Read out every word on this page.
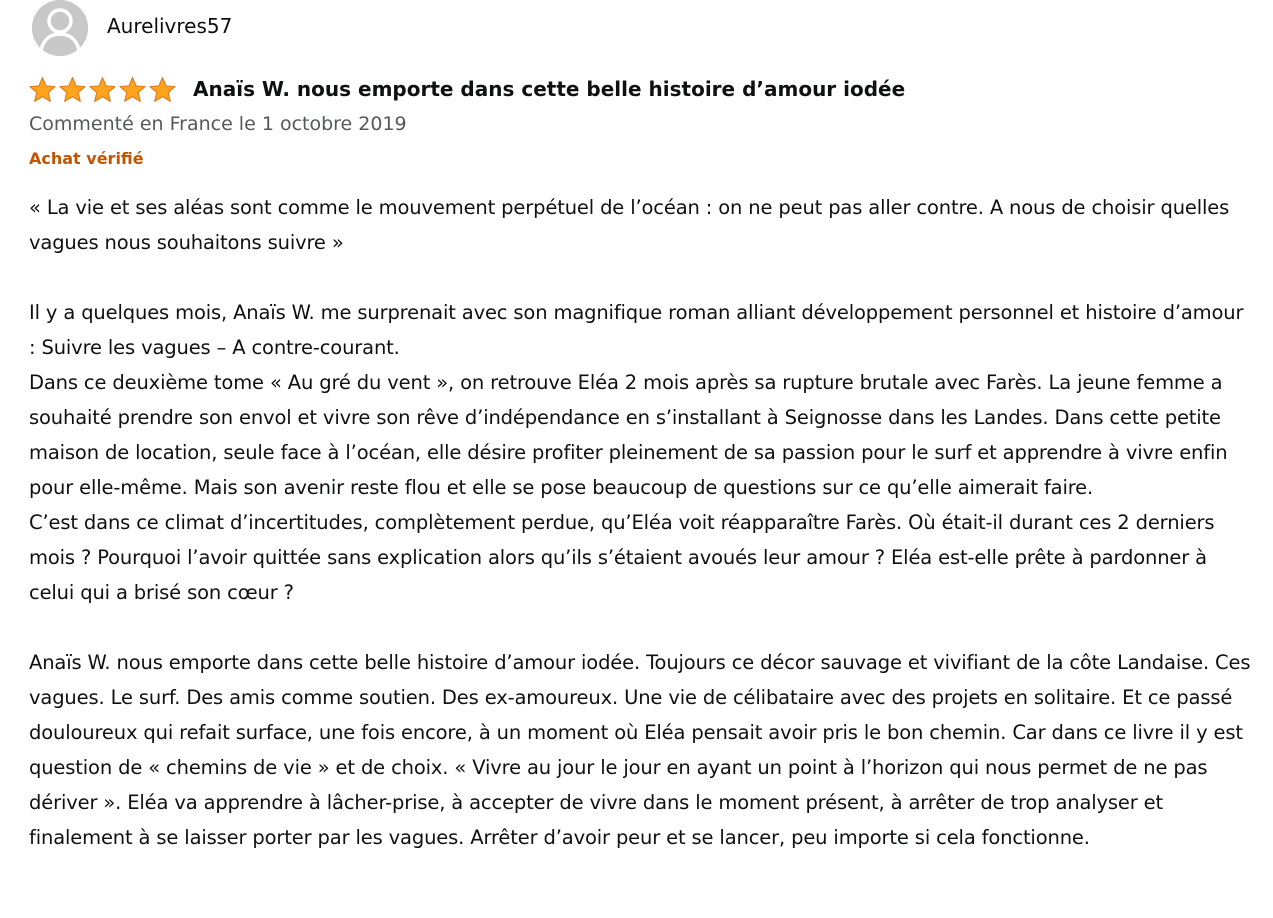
Aurelivres57
Anaïs W. nous emporte dans cette belle histoire d’amour iodée
Commenté en France le 1 octobre 2019
Achat vérifié

« La vie et ses aléas sont comme le mouvement perpétuel de l’océan : on ne peut pas aller contre. A nous de choisir quelles vagues nous souhaitons suivre »

Il y a quelques mois, Anaïs W. me surprenait avec son magnifique roman alliant développement personnel et histoire d’amour : Suivre les vagues – A contre-courant.

Dans ce deuxième tome « Au gré du vent », on retrouve Eléa 2 mois après sa rupture brutale avec Farès. La jeune femme a souhaité prendre son envol et vivre son rêve d’indépendance en s’installant à Seignosse dans les Landes. Dans cette petite maison de location, seule face à l’océan, elle désire profiter pleinement de sa passion pour le surf et apprendre à vivre enfin pour elle-même. Mais son avenir reste flou et elle se pose beaucoup de questions sur ce qu’elle aimerait faire.

C’est dans ce climat d’incertitudes, complètement perdue, qu’Eléa voit réapparaître Farès. Où était-il durant ces 2 derniers mois ? Pourquoi l’avoir quittée sans explication alors qu’ils s’étaient avoués leur amour ? Eléa est-elle prête à pardonner à celui qui a brisé son cœur ?

Anaïs W. nous emporte dans cette belle histoire d’amour iodée. Toujours ce décor sauvage et vivifiant de la côte Landaise. Ces vagues. Le surf. Des amis comme soutien. Des ex-amoureux. Une vie de célibataire avec des projets en solitaire. Et ce passé douloureux qui refait surface, une fois encore, à un moment où Eléa pensait avoir pris le bon chemin. Car dans ce livre il y est question de « chemins de vie » et de choix. « Vivre au jour le jour en ayant un point à l’horizon qui nous permet de ne pas dériver ». Eléa va apprendre à lâcher-prise, à accepter de vivre dans le moment présent, à arrêter de trop analyser et finalement à se laisser porter par les vagues. Arrêter d’avoir peur et se lancer, peu importe si cela fonctionne.
